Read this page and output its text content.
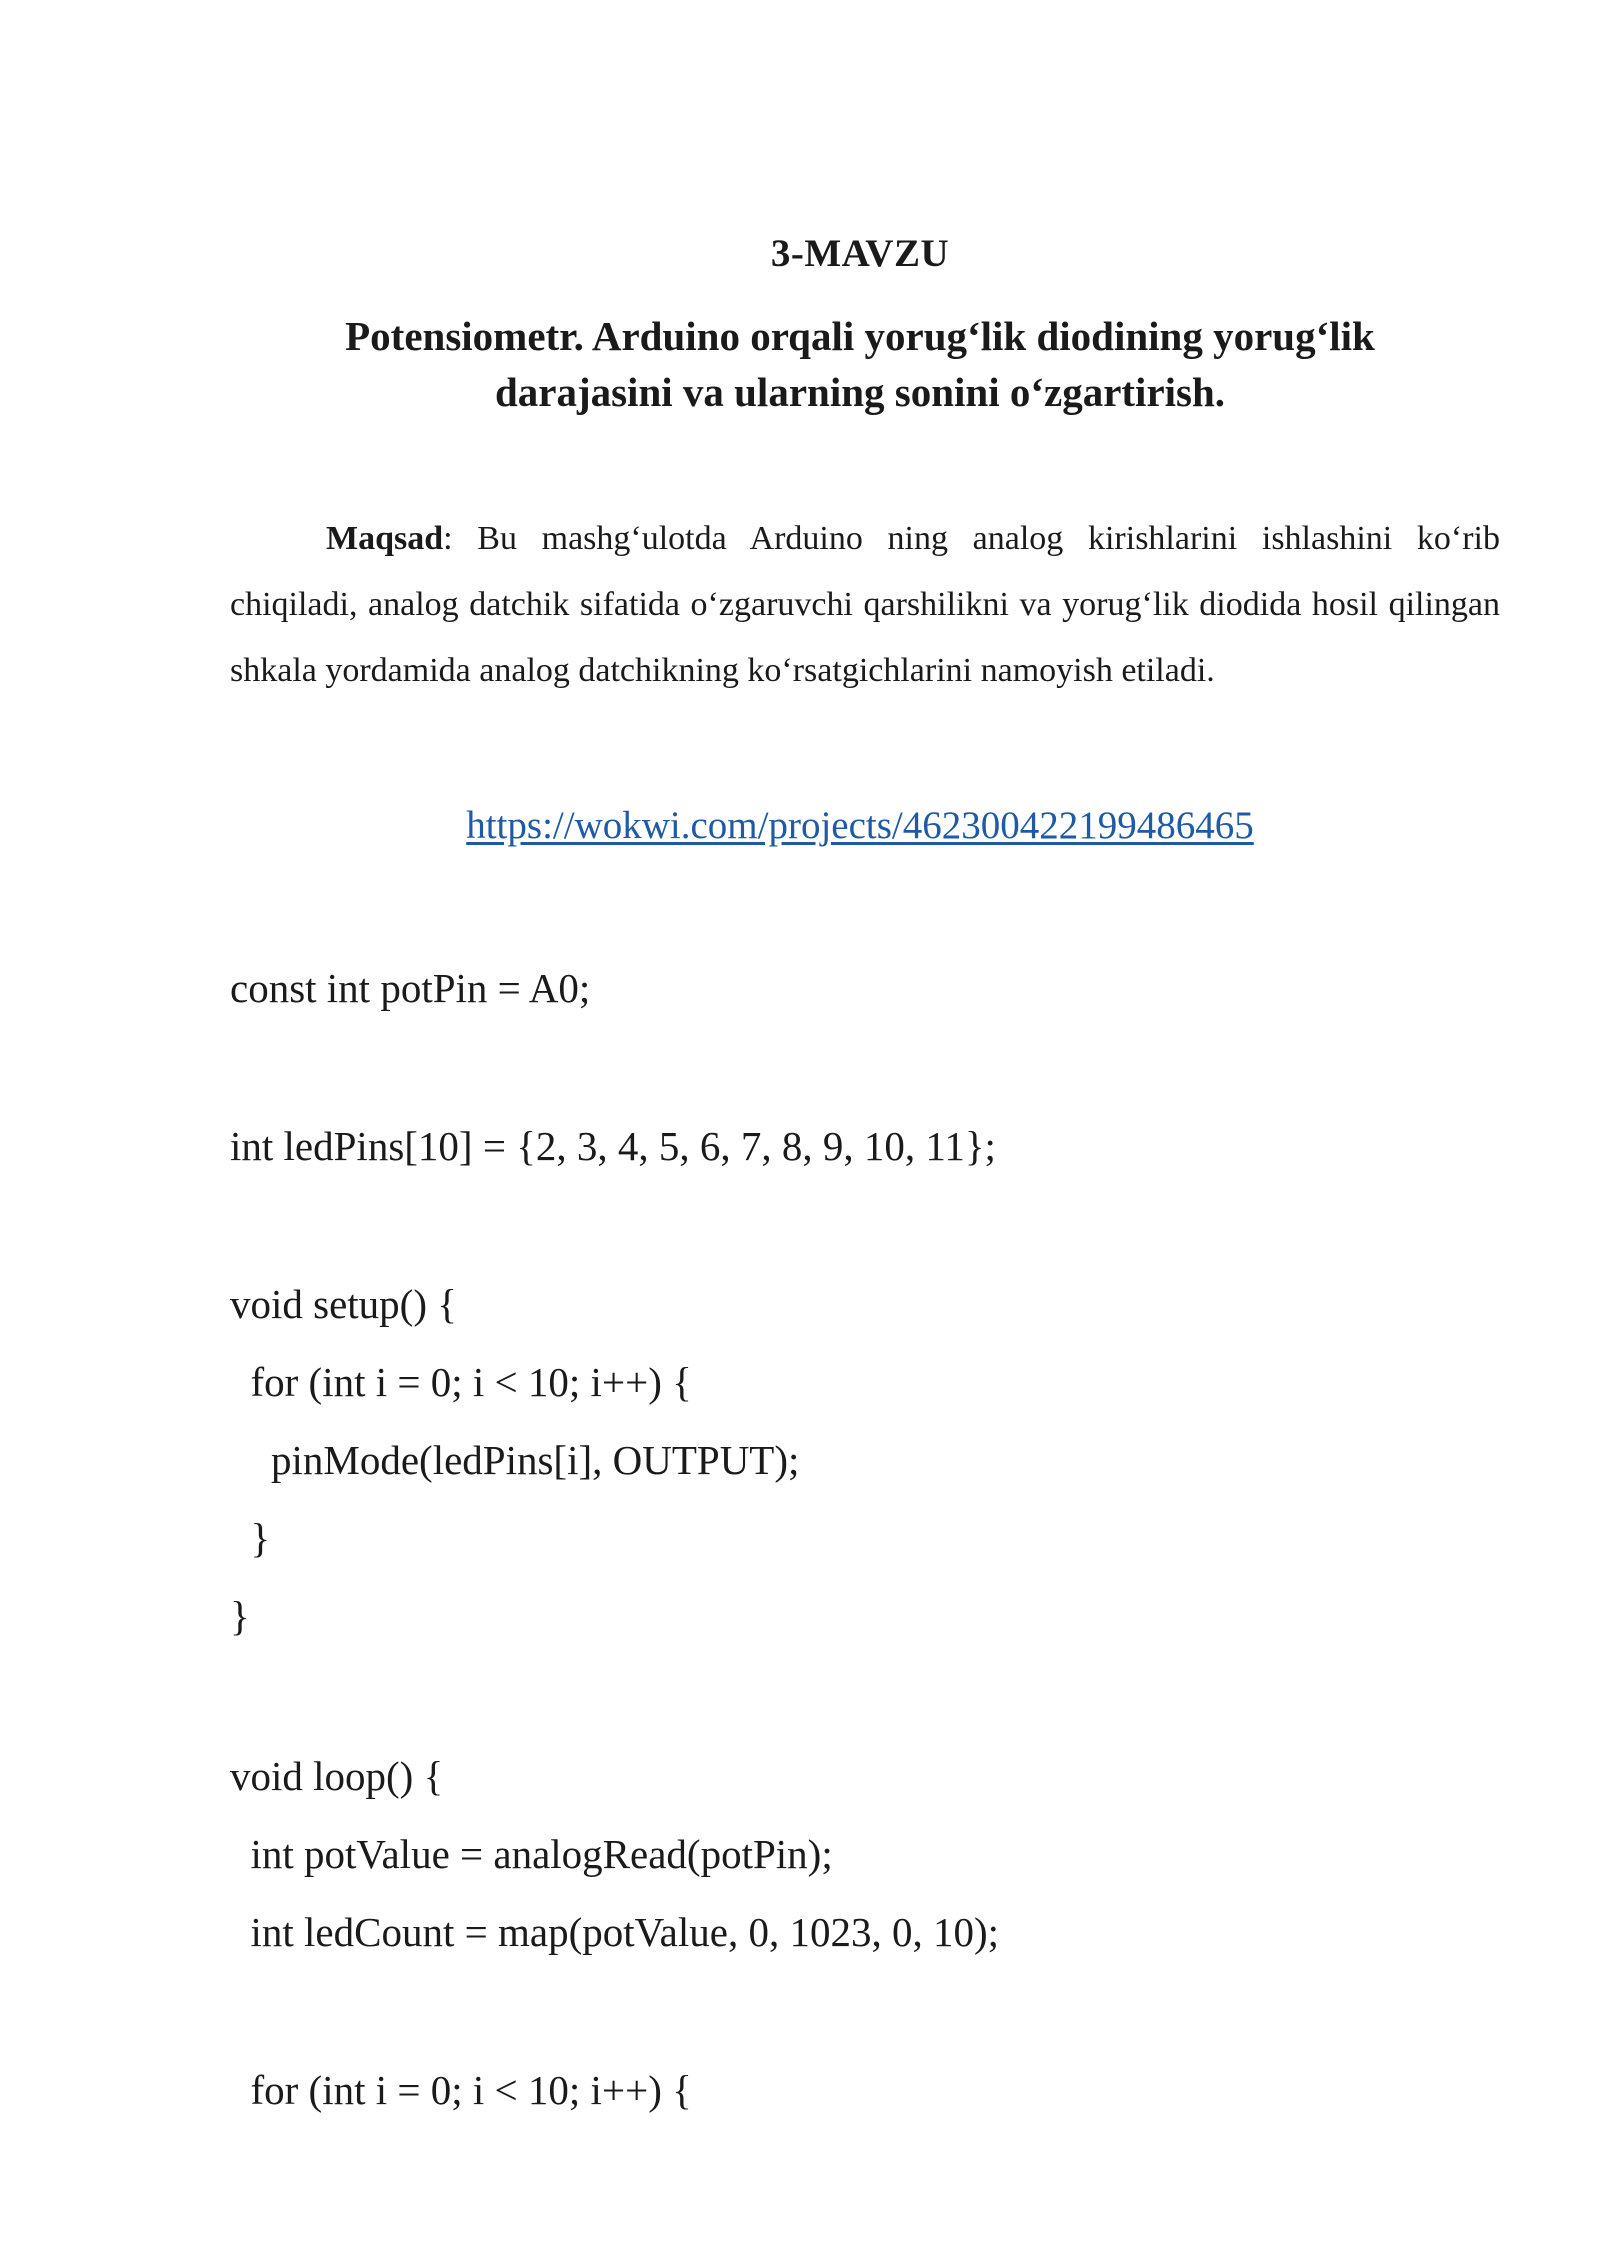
3-MAVZU
Potensiometr. Arduino orqali yorug‘lik diodining yorug‘lik
darajasini va ularning sonini o‘zgartirish.
Maqsad: Bu mashg‘ulotda Arduino ning analog kirishlarini ishlashini ko‘rib chiqiladi, analog datchik sifatida o‘zgaruvchi qarshilikni va yorug‘lik diodida hosil qilingan shkala yordamida analog datchikning ko‘rsatgichlarini namoyish etiladi.
https://wokwi.com/projects/462300422199486465
const int potPin = A0;
int ledPins[10] = {2, 3, 4, 5, 6, 7, 8, 9, 10, 11};
void setup() {
for (int i = 0; i < 10; i++) {
pinMode(ledPins[i], OUTPUT);
}
}
void loop() {
int potValue = analogRead(potPin);
int ledCount = map(potValue, 0, 1023, 0, 10);
for (int i = 0; i < 10; i++) {
